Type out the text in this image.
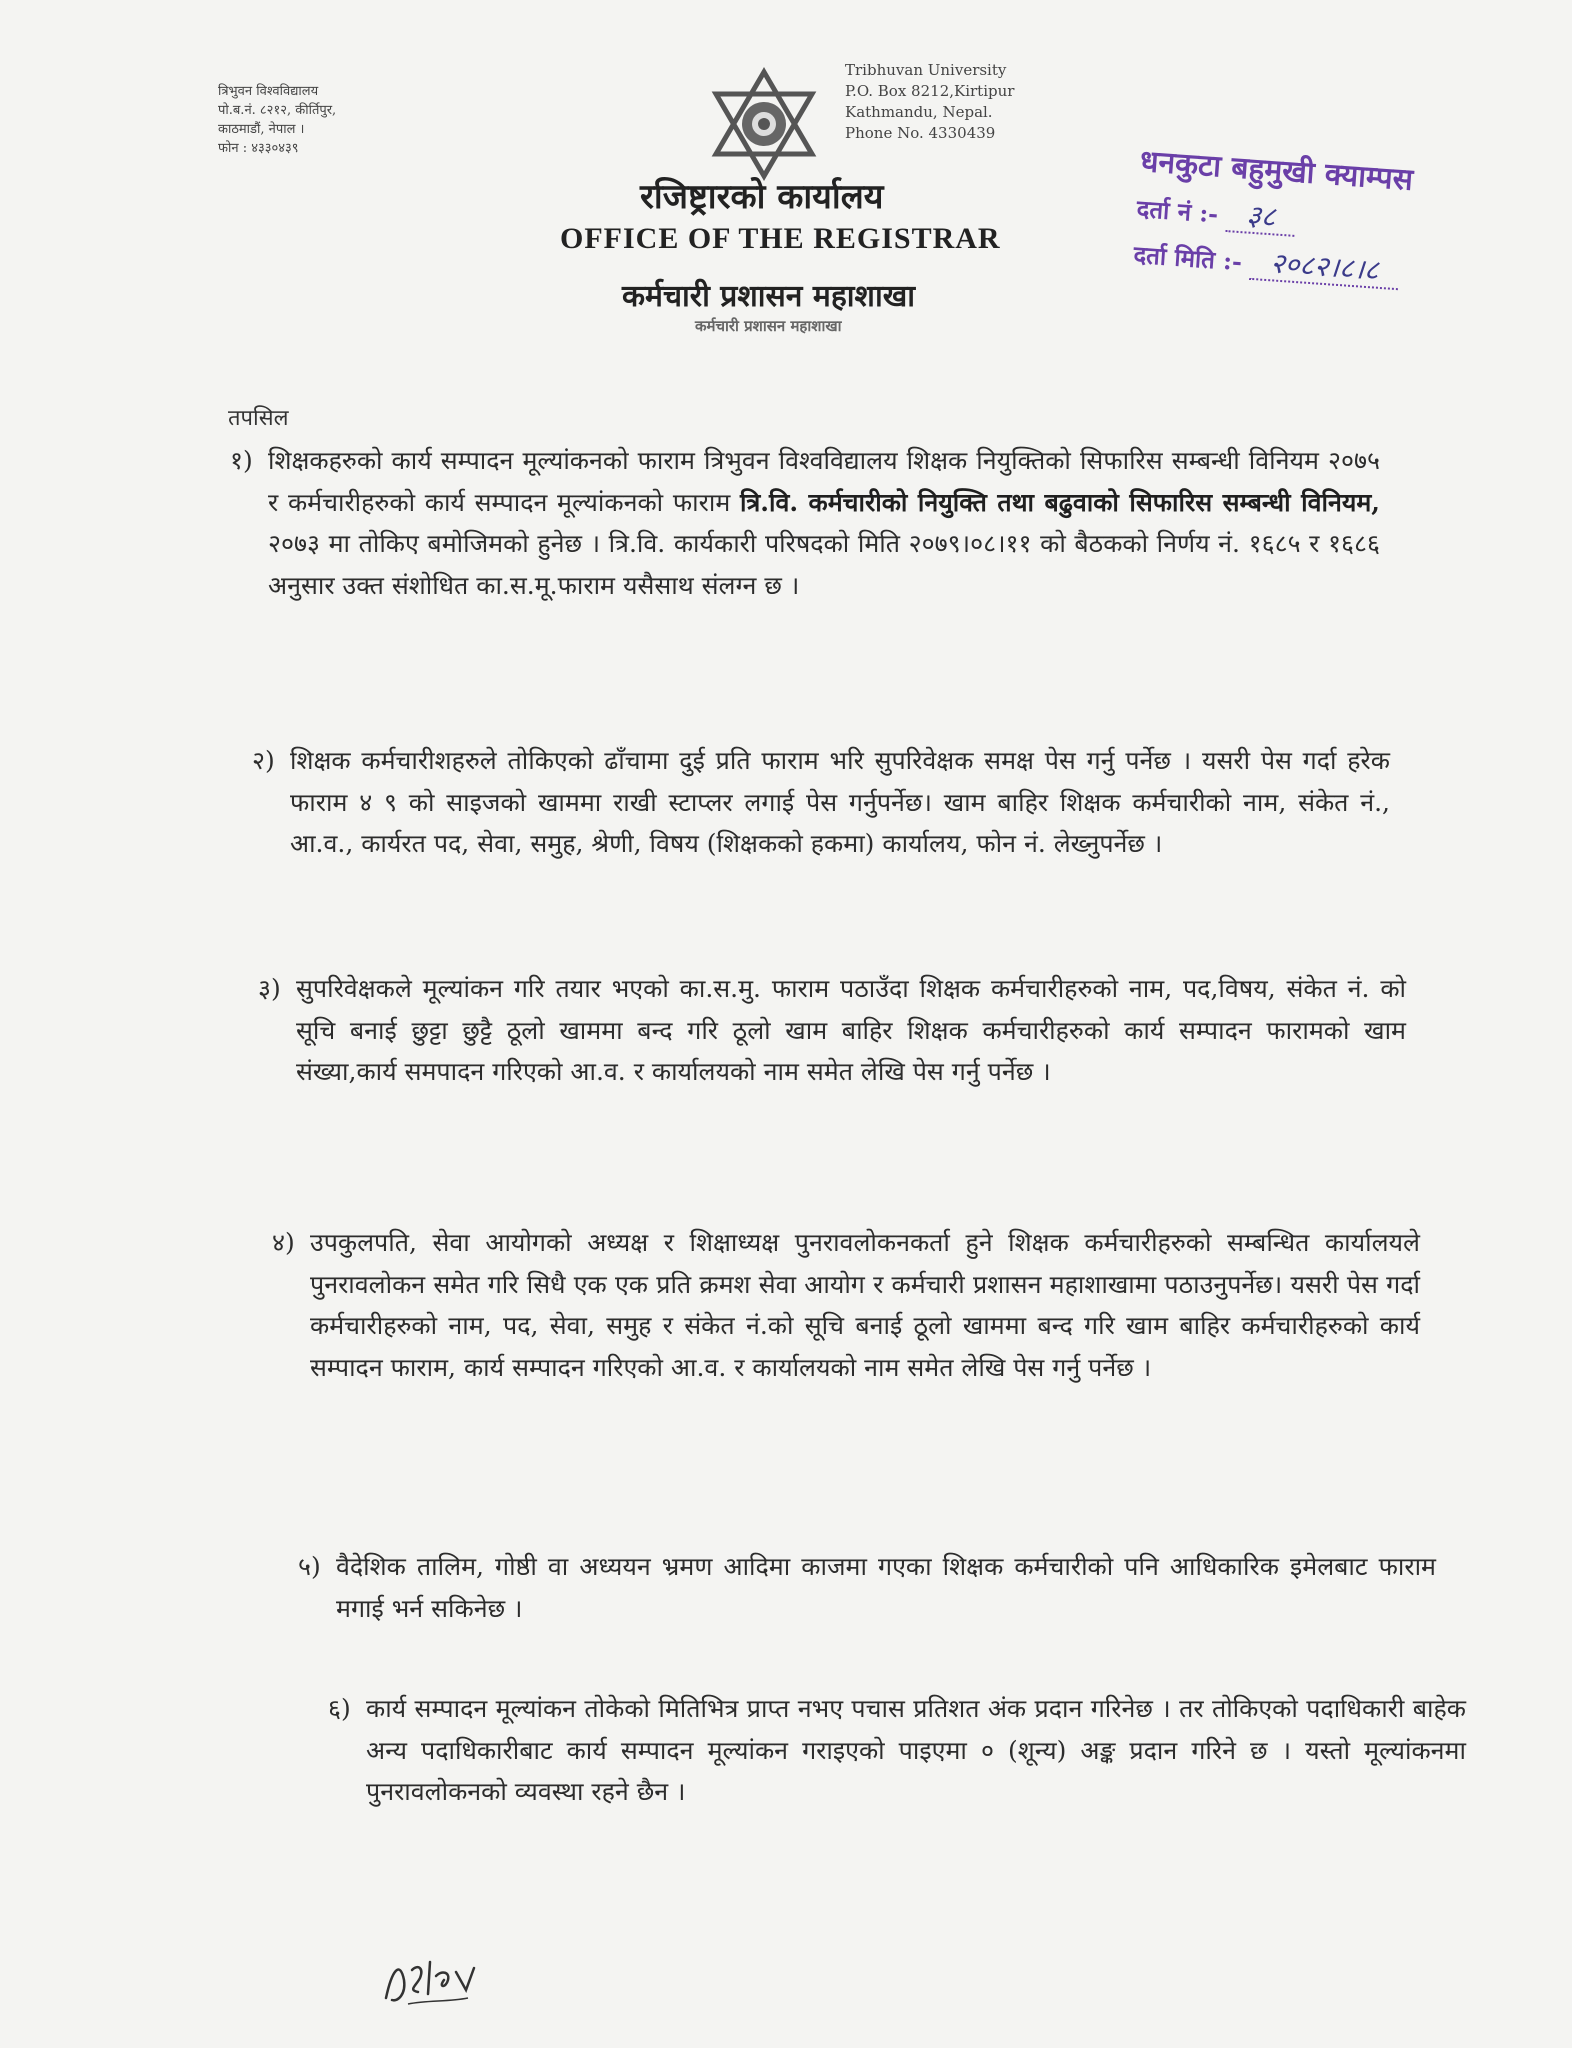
त्रिभुवन विश्वविद्यालय
पो.ब.नं. ८२१२, कीर्तिपुर,
काठमाडौं, नेपाल ।
फोन : ४३३०४३९
Tribhuvan University
P.O. Box 8212,Kirtipur
Kathmandu, Nepal.
Phone No. 4330439
रजिष्ट्रारको कार्यालय
OFFICE OF THE REGISTRAR
कर्मचारी प्रशासन महाशाखा
कर्मचारी प्रशासन महाशाखा
धनकुटा बहुमुखी क्याम्पस
दर्ता नं :- ३८
दर्ता मिति :- २०८२।८।८
तपसिल
१) शिक्षकहरुको कार्य सम्पादन मूल्यांकनको फाराम त्रिभुवन विश्वविद्यालय शिक्षक नियुक्तिको सिफारिस सम्बन्धी विनियम २०७५ र कर्मचारीहरुको कार्य सम्पादन मूल्यांकनको फाराम त्रि.वि. कर्मचारीको नियुक्ति तथा बढुवाको सिफारिस सम्बन्धी विनियम, २०७३ मा तोकिए बमोजिमको हुनेछ । त्रि.वि. कार्यकारी परिषदको मिति २०७९।०८।११ को बैठकको निर्णय नं. १६८५ र १६८६ अनुसार उक्त संशोधित का.स.मू.फाराम यसैसाथ संलग्न छ ।
२) शिक्षक कर्मचारीशहरुले तोकिएको ढाँचामा दुई प्रति फाराम भरि सुपरिवेक्षक समक्ष पेस गर्नु पर्नेछ । यसरी पेस गर्दा हरेक फाराम ४ ९ को साइजको खाममा राखी स्टाप्लर लगाई पेस गर्नुपर्नेछ। खाम बाहिर शिक्षक कर्मचारीको नाम, संकेत नं., आ.व., कार्यरत पद, सेवा, समुह, श्रेणी, विषय (शिक्षकको हकमा) कार्यालय, फोन नं. लेख्नुपर्नेछ ।
३) सुपरिवेक्षकले मूल्यांकन गरि तयार भएको का.स.मु. फाराम पठाउँदा शिक्षक कर्मचारीहरुको नाम, पद,विषय, संकेत नं. को सूचि बनाई छुट्टा छुट्टै ठूलो खाममा बन्द गरि ठूलो खाम बाहिर शिक्षक कर्मचारीहरुको कार्य सम्पादन फारामको खाम संख्या,कार्य समपादन गरिएको आ.व. र कार्यालयको नाम समेत लेखि पेस गर्नु पर्नेछ ।
४) उपकुलपति, सेवा आयोगको अध्यक्ष र शिक्षाध्यक्ष पुनरावलोकनकर्ता हुने शिक्षक कर्मचारीहरुको सम्बन्धित कार्यालयले पुनरावलोकन समेत गरि सिधै एक एक प्रति क्रमश सेवा आयोग र कर्मचारी प्रशासन महाशाखामा पठाउनुपर्नेछ। यसरी पेस गर्दा कर्मचारीहरुको नाम, पद, सेवा, समुह र संकेत नं.को सूचि बनाई ठूलो खाममा बन्द गरि खाम बाहिर कर्मचारीहरुको कार्य सम्पादन फाराम, कार्य सम्पादन गरिएको आ.व. र कार्यालयको नाम समेत लेखि पेस गर्नु पर्नेछ ।
५) वैदेशिक तालिम, गोष्ठी वा अध्ययन भ्रमण आदिमा काजमा गएका शिक्षक कर्मचारीको पनि आधिकारिक इमेलबाट फाराम मगाई भर्न सकिनेछ ।
६) कार्य सम्पादन मूल्यांकन तोकेको मितिभित्र प्राप्त नभए पचास प्रतिशत अंक प्रदान गरिनेछ । तर तोकिएको पदाधिकारी बाहेक अन्य पदाधिकारीबाट कार्य सम्पादन मूल्यांकन गराइएको पाइएमा ० (शून्य) अङ्क प्रदान गरिने छ । यस्तो मूल्यांकनमा पुनरावलोकनको व्यवस्था रहने छैन ।
